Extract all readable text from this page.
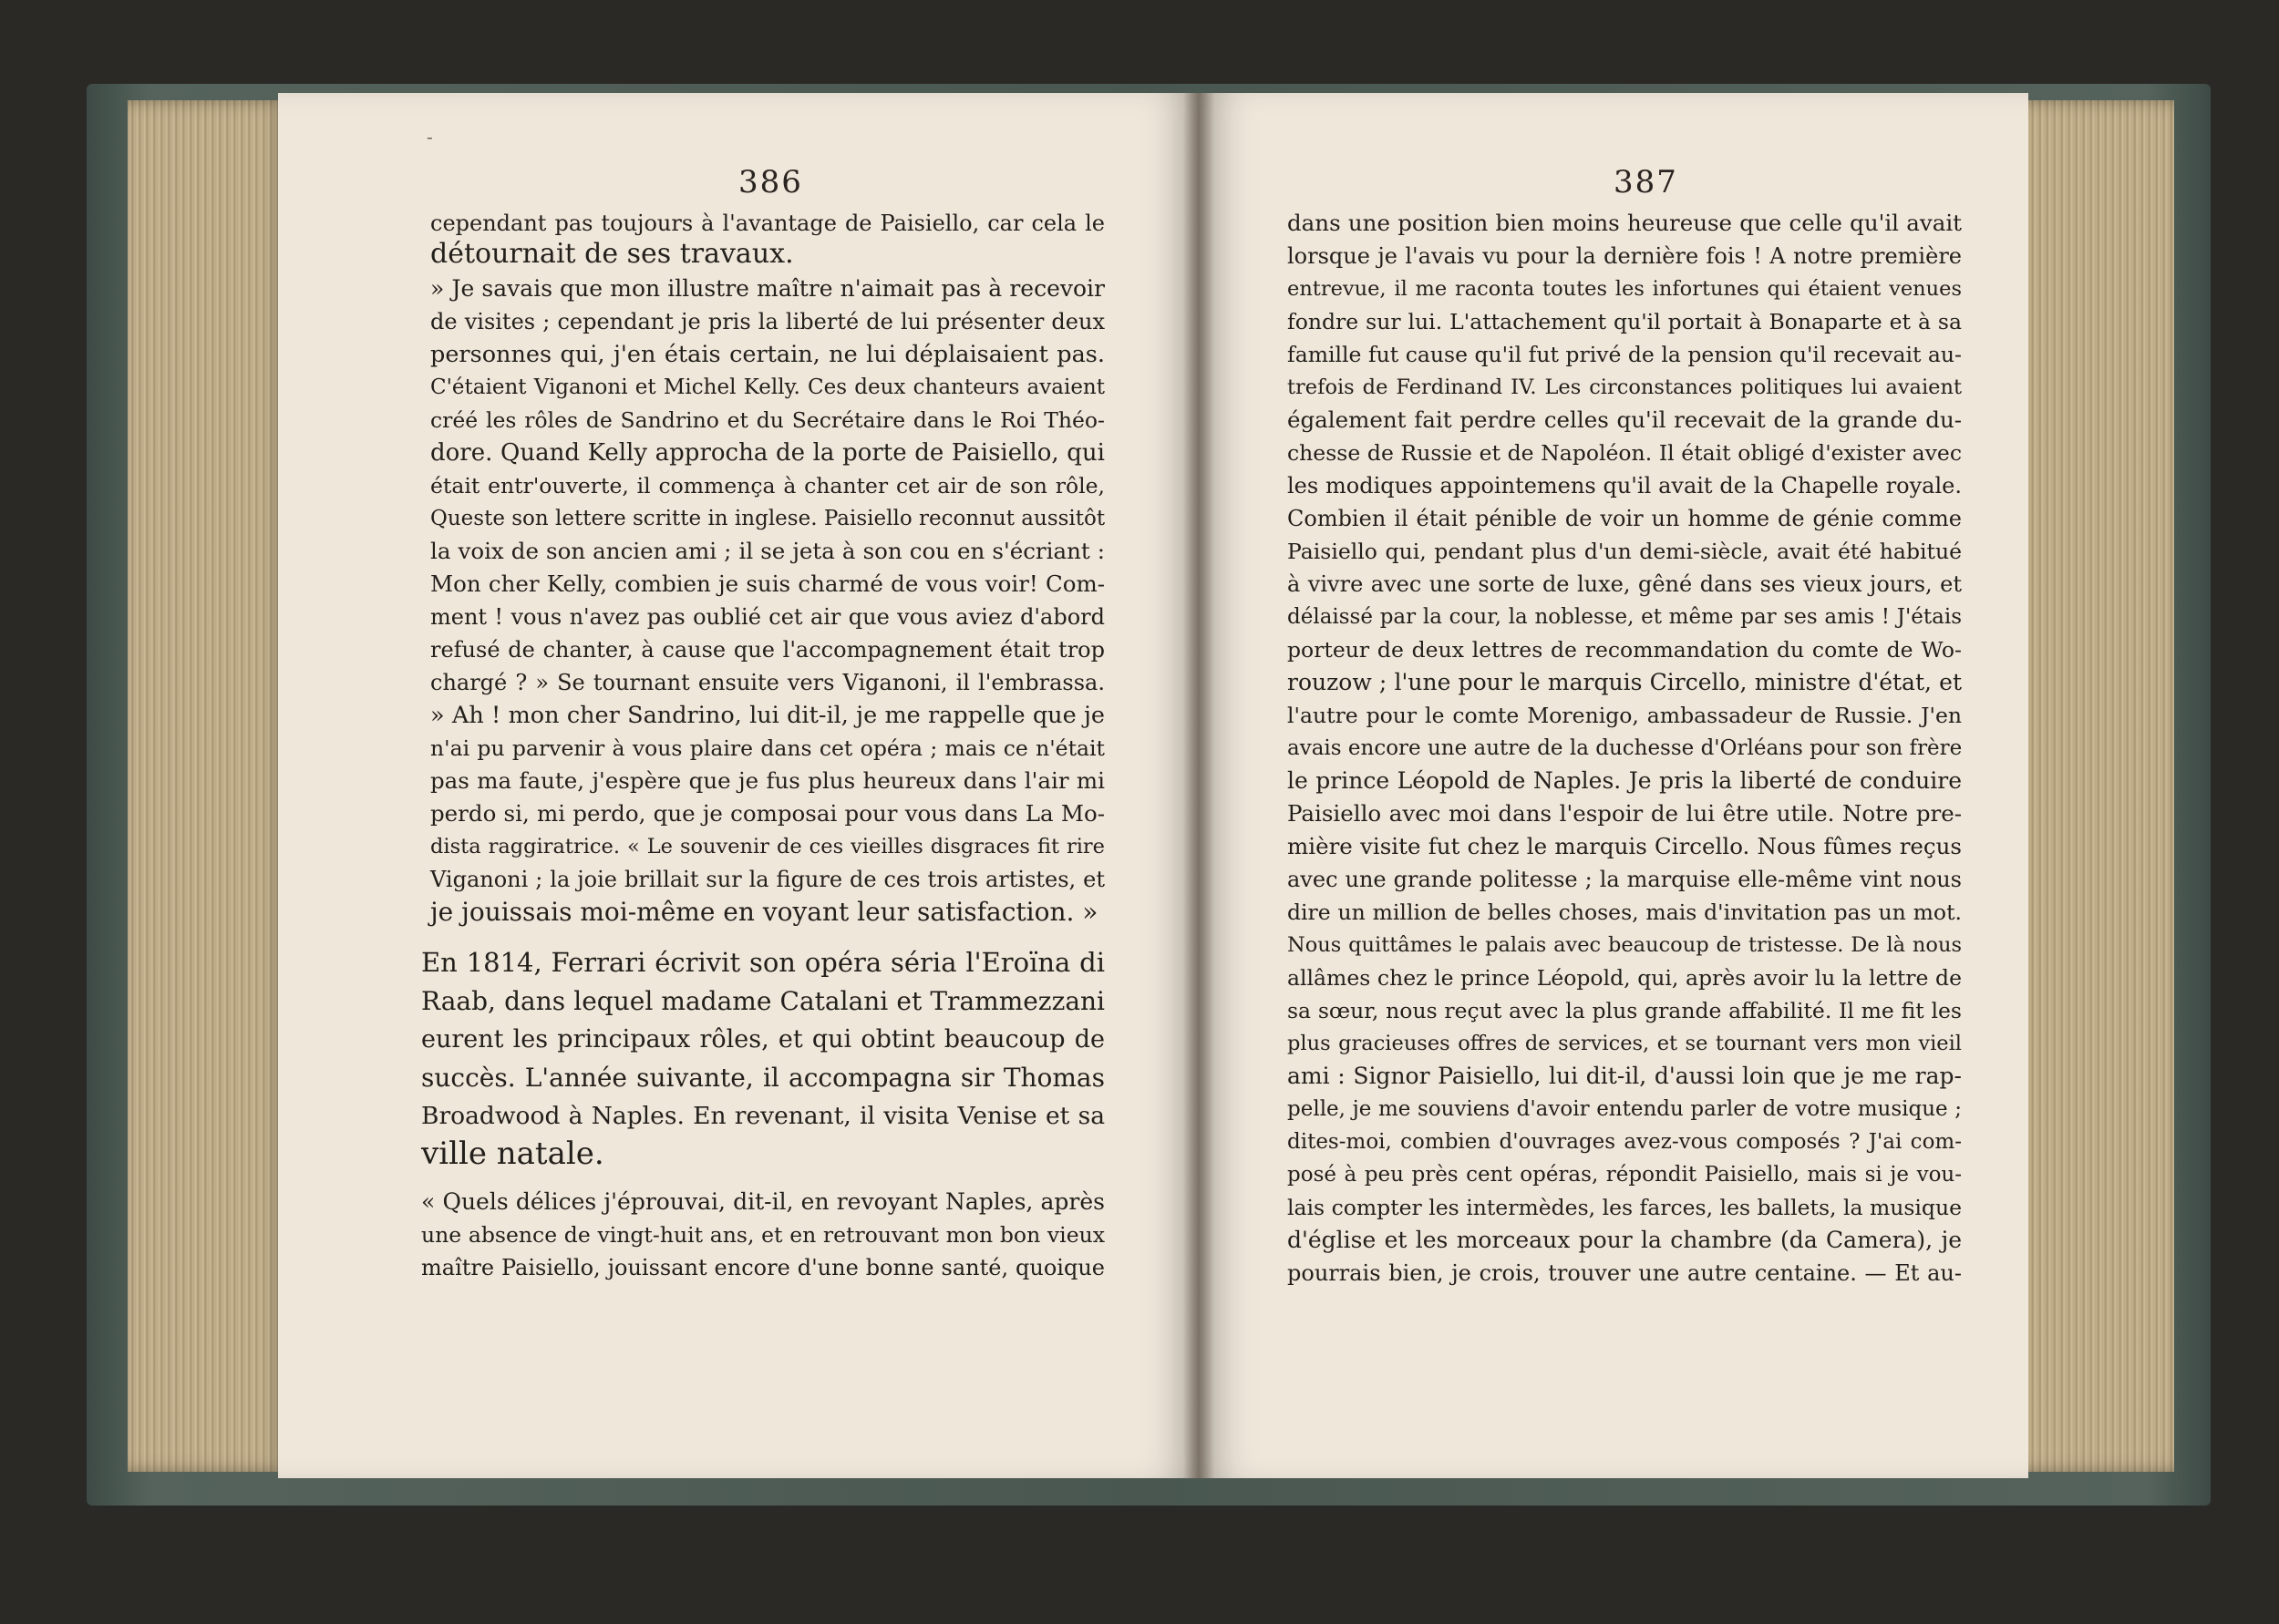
-
386
cependant pas toujours à l'avantage de Paisiello, car cela le
détournait de ses travaux.
» Je savais que mon illustre maître n'aimait pas à recevoir
de visites ; cependant je pris la liberté de lui présenter deux
personnes qui, j'en étais certain, ne lui déplaisaient pas.
C'étaient Viganoni et Michel Kelly. Ces deux chanteurs avaient
créé les rôles de Sandrino et du Secrétaire dans le Roi Théo-
dore. Quand Kelly approcha de la porte de Paisiello, qui
était entr'ouverte, il commença à chanter cet air de son rôle,
Queste son lettere scritte in inglese. Paisiello reconnut aussitôt
la voix de son ancien ami ; il se jeta à son cou en s'écriant :
Mon cher Kelly, combien je suis charmé de vous voir! Com-
ment ! vous n'avez pas oublié cet air que vous aviez d'abord
refusé de chanter, à cause que l'accompagnement était trop
chargé ? » Se tournant ensuite vers Viganoni, il l'embrassa.
» Ah ! mon cher Sandrino, lui dit-il, je me rappelle que je
n'ai pu parvenir à vous plaire dans cet opéra ; mais ce n'était
pas ma faute, j'espère que je fus plus heureux dans l'air mi
perdo si, mi perdo, que je composai pour vous dans La Mo-
dista raggiratrice. « Le souvenir de ces vieilles disgraces fit rire
Viganoni ; la joie brillait sur la figure de ces trois artistes, et
je jouissais moi-même en voyant leur satisfaction. »
En 1814, Ferrari écrivit son opéra séria l'Eroïna di
Raab, dans lequel madame Catalani et Trammezzani
eurent les principaux rôles, et qui obtint beaucoup de
succès. L'année suivante, il accompagna sir Thomas
Broadwood à Naples. En revenant, il visita Venise et sa
ville natale.
« Quels délices j'éprouvai, dit-il, en revoyant Naples, après
une absence de vingt-huit ans, et en retrouvant mon bon vieux
maître Paisiello, jouissant encore d'une bonne santé, quoique
387
dans une position bien moins heureuse que celle qu'il avait
lorsque je l'avais vu pour la dernière fois ! A notre première
entrevue, il me raconta toutes les infortunes qui étaient venues
fondre sur lui. L'attachement qu'il portait à Bonaparte et à sa
famille fut cause qu'il fut privé de la pension qu'il recevait au-
trefois de Ferdinand IV. Les circonstances politiques lui avaient
également fait perdre celles qu'il recevait de la grande du-
chesse de Russie et de Napoléon. Il était obligé d'exister avec
les modiques appointemens qu'il avait de la Chapelle royale.
Combien il était pénible de voir un homme de génie comme
Paisiello qui, pendant plus d'un demi-siècle, avait été habitué
à vivre avec une sorte de luxe, gêné dans ses vieux jours, et
délaissé par la cour, la noblesse, et même par ses amis ! J'étais
porteur de deux lettres de recommandation du comte de Wo-
rouzow ; l'une pour le marquis Circello, ministre d'état, et
l'autre pour le comte Morenigo, ambassadeur de Russie. J'en
avais encore une autre de la duchesse d'Orléans pour son frère
le prince Léopold de Naples. Je pris la liberté de conduire
Paisiello avec moi dans l'espoir de lui être utile. Notre pre-
mière visite fut chez le marquis Circello. Nous fûmes reçus
avec une grande politesse ; la marquise elle-même vint nous
dire un million de belles choses, mais d'invitation pas un mot.
Nous quittâmes le palais avec beaucoup de tristesse. De là nous
allâmes chez le prince Léopold, qui, après avoir lu la lettre de
sa sœur, nous reçut avec la plus grande affabilité. Il me fit les
plus gracieuses offres de services, et se tournant vers mon vieil
ami : Signor Paisiello, lui dit-il, d'aussi loin que je me rap-
pelle, je me souviens d'avoir entendu parler de votre musique ;
dites-moi, combien d'ouvrages avez-vous composés ? J'ai com-
posé à peu près cent opéras, répondit Paisiello, mais si je vou-
lais compter les intermèdes, les farces, les ballets, la musique
d'église et les morceaux pour la chambre (da Camera), je
pourrais bien, je crois, trouver une autre centaine. — Et au-
